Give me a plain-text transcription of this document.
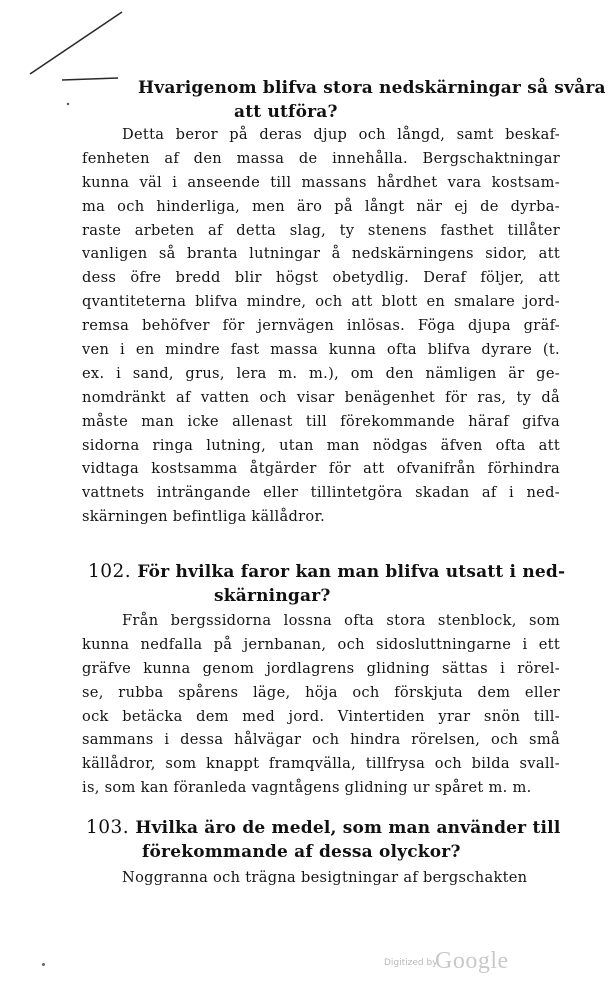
Hvarigenom blifva stora nedskärningar så svåra
att utföra?
Detta beror på deras djup och långd, samt beskaf-
fenheten af den massa de innehålla. Bergschaktningar
kunna väl i anseende till massans hårdhet vara kostsam-
ma och hinderliga, men äro på långt när ej de dyrba-
raste arbeten af detta slag, ty stenens fasthet tillåter
vanligen så branta lutningar å nedskärningens sidor, att
dess öfre bredd blir högst obetydlig. Deraf följer, att
qvantiteterna blifva mindre, och att blott en smalare jord-
remsa behöfver för jernvägen inlösas. Föga djupa gräf-
ven i en mindre fast massa kunna ofta blifva dyrare (t.
ex. i sand, grus, lera m. m.), om den nämligen är ge-
nomdränkt af vatten och visar benägenhet för ras, ty då
måste man icke allenast till förekommande häraf gifva
sidorna ringa lutning, utan man nödgas äfven ofta att
vidtaga kostsamma åtgärder för att ofvanifrån förhindra
vattnets inträngande eller tillintetgöra skadan af i ned-
skärningen befintliga källådror.
102. För hvilka faror kan man blifva utsatt i ned-
skärningar?
Från bergssidorna lossna ofta stora stenblock, som
kunna nedfalla på jernbanan, och sidosluttningarne i ett
gräfve kunna genom jordlagrens glidning sättas i rörel-
se, rubba spårens läge, höja och förskjuta dem eller
ock betäcka dem med jord. Vintertiden yrar snön till-
sammans i dessa hålvägar och hindra rörelsen, och små
källådror, som knappt framqvälla, tillfrysa och bilda svall-
is, som kan föranleda vagntågens glidning ur spåret m. m.
103. Hvilka äro de medel, som man använder till
förekommande af dessa olyckor?
Noggranna och trägna besigtningar af bergschakten
Digitized by
Google
